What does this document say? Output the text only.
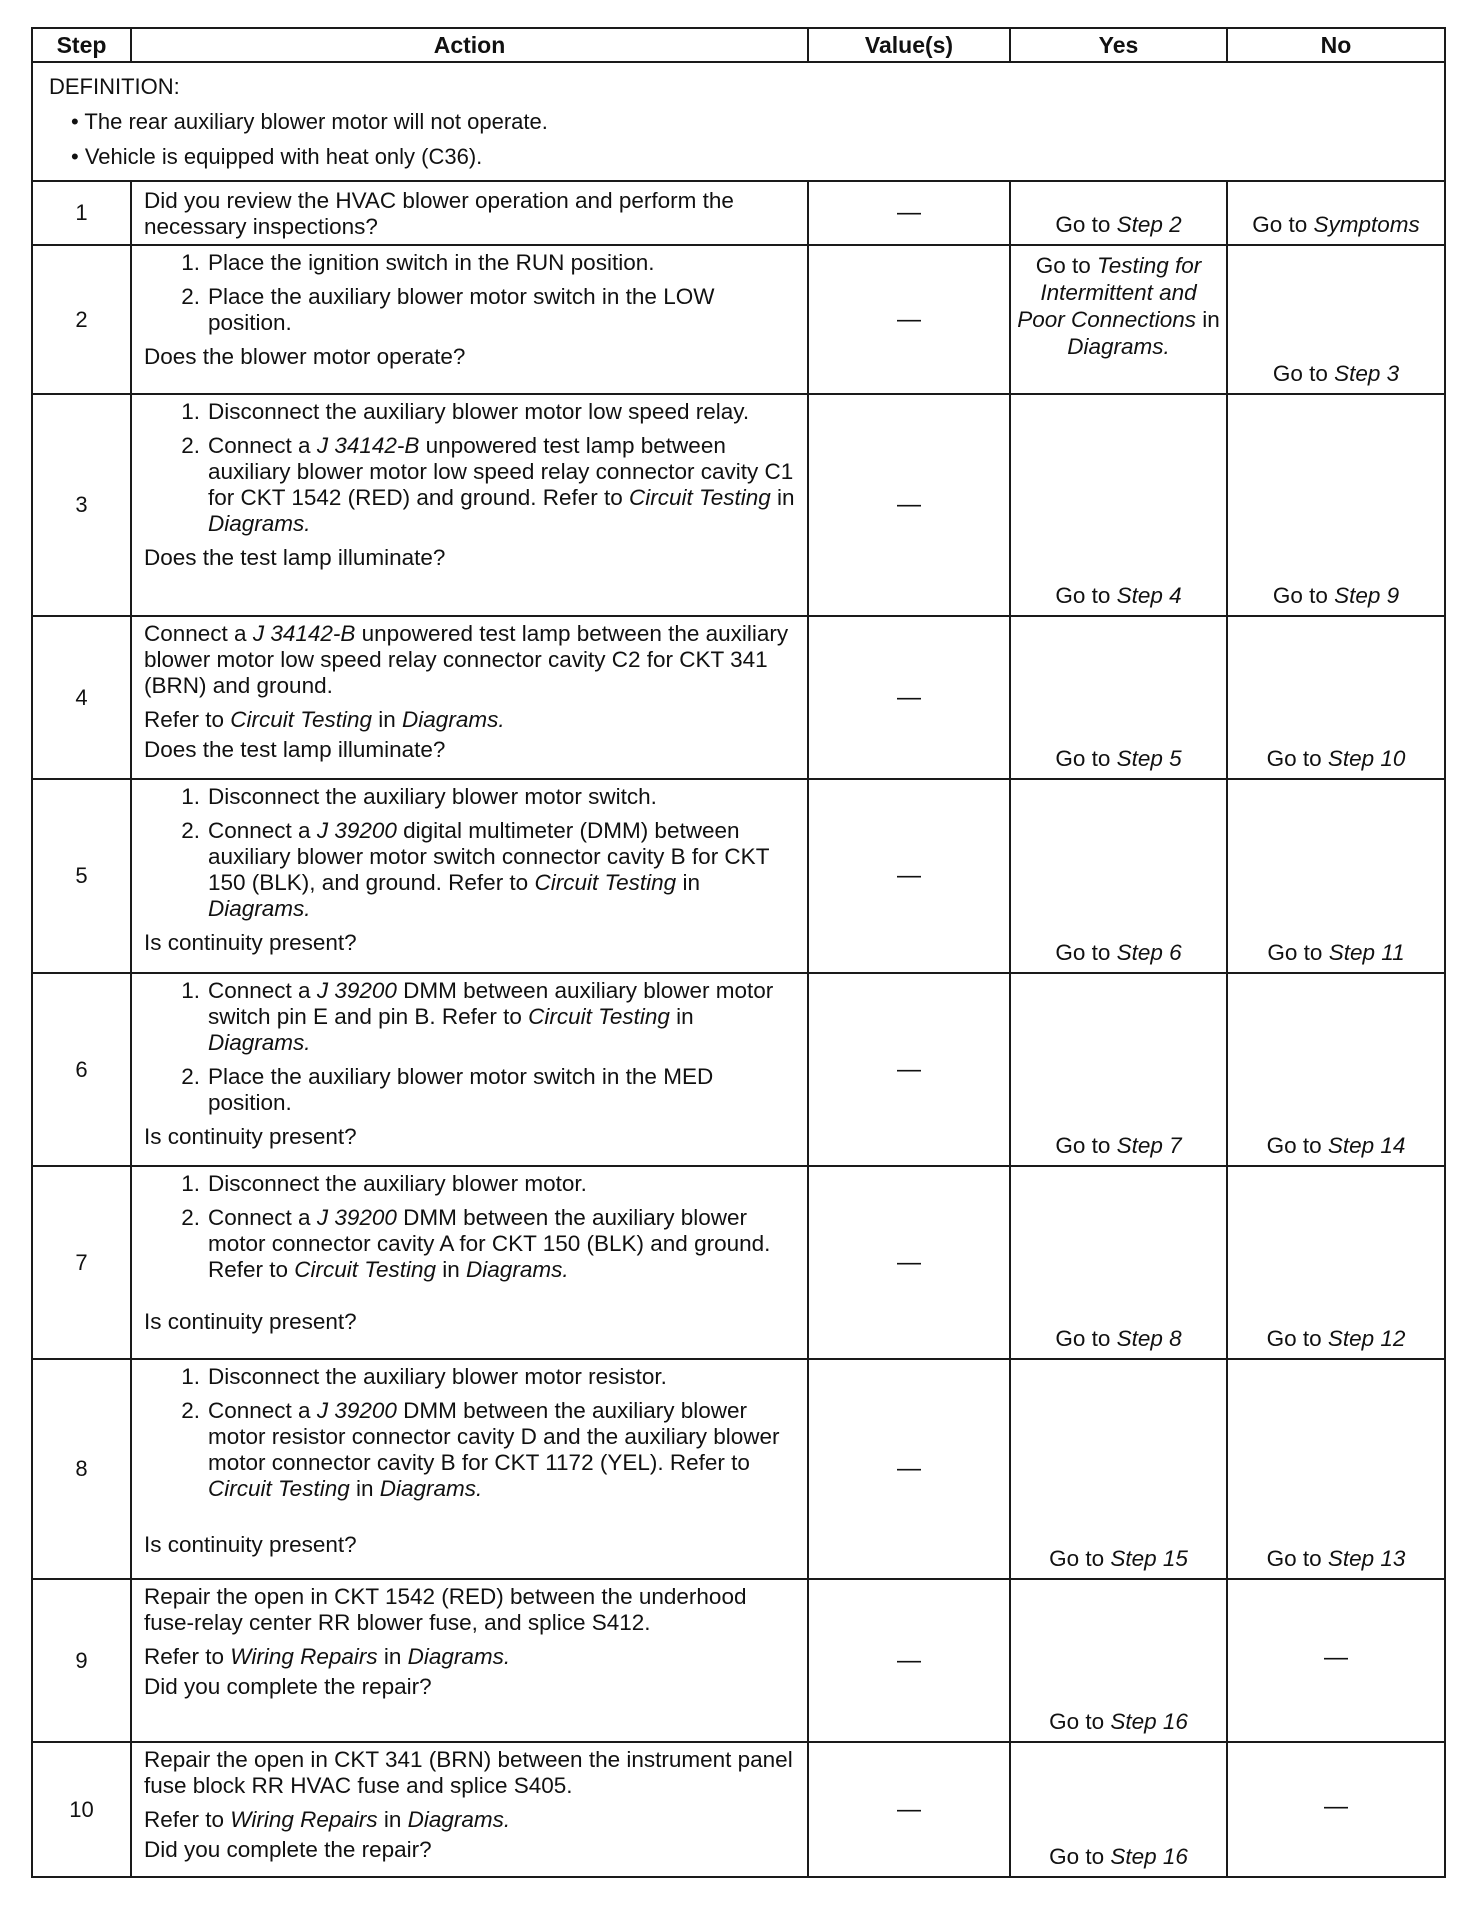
Step	Action	Value(s)	Yes	No

DEFINITION:
• The rear auxiliary blower motor will not operate.
• Vehicle is equipped with heat only (C36).				

1	Did you review the HVAC blower operation and perform the necessary inspections?	—	Go to Step 2	Go to Symptoms
2	1. Place the ignition switch in the RUN position.
2. Place the auxiliary blower motor switch in the LOW position.
Does the blower motor operate?	—	Go to Testing for Intermittent and Poor Connections in Diagrams.	Go to Step 3
3	1. Disconnect the auxiliary blower motor low speed relay.
2. Connect a J 34142-B unpowered test lamp between auxiliary blower motor low speed relay connector cavity C1 for CKT 1542 (RED) and ground. Refer to Circuit Testing in Diagrams.
Does the test lamp illuminate?	—	Go to Step 4	Go to Step 9
4	Connect a J 34142-B unpowered test lamp between the auxiliary blower motor low speed relay connector cavity C2 for CKT 341 (BRN) and ground.
Refer to Circuit Testing in Diagrams.
Does the test lamp illuminate?	—	Go to Step 5	Go to Step 10
5	1. Disconnect the auxiliary blower motor switch.
2. Connect a J 39200 digital multimeter (DMM) between auxiliary blower motor switch connector cavity B for CKT 150 (BLK), and ground. Refer to Circuit Testing in Diagrams.
Is continuity present?	—	Go to Step 6	Go to Step 11
6	1. Connect a J 39200 DMM between auxiliary blower motor switch pin E and pin B. Refer to Circuit Testing in Diagrams.
2. Place the auxiliary blower motor switch in the MED position.
Is continuity present?	—	Go to Step 7	Go to Step 14
7	1. Disconnect the auxiliary blower motor.
2. Connect a J 39200 DMM between the auxiliary blower motor connector cavity A for CKT 150 (BLK) and ground. Refer to Circuit Testing in Diagrams.
Is continuity present?	—	Go to Step 8	Go to Step 12
8	1. Disconnect the auxiliary blower motor resistor.
2. Connect a J 39200 DMM between the auxiliary blower motor resistor connector cavity D and the auxiliary blower motor connector cavity B for CKT 1172 (YEL). Refer to Circuit Testing in Diagrams.
Is continuity present?	—	Go to Step 15	Go to Step 13
9	Repair the open in CKT 1542 (RED) between the underhood fuse-relay center RR blower fuse, and splice S412.
Refer to Wiring Repairs in Diagrams.
Did you complete the repair?	—	Go to Step 16	—
10	Repair the open in CKT 341 (BRN) between the instrument panel fuse block RR HVAC fuse and splice S405.
Refer to Wiring Repairs in Diagrams.
Did you complete the repair?	—	Go to Step 16	—
